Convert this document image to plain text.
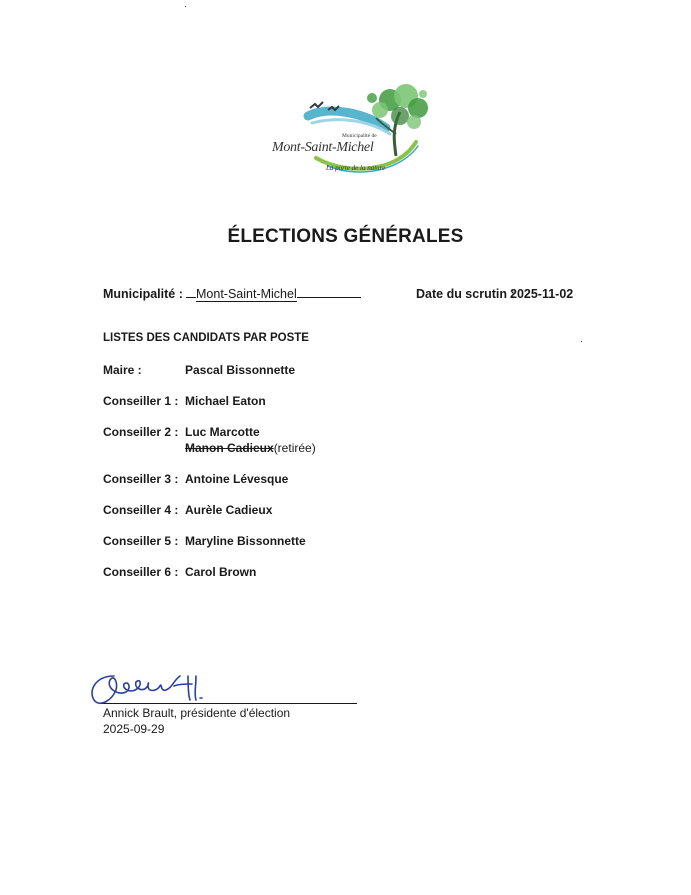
Municipalité de
Mont-Saint-Michel
La porte de la nature
ÉLECTIONS GÉNÉRALES
Municipalité :	Mont-Saint-Michel	Date du scrutin :
2025-11-02
LISTES DES CANDIDATS PAR POSTE
Maire :	Pascal Bissonnette
Conseiller 1 : Michael Eaton
Conseiller 2 : Luc Marcotte
Manon Cadieux(retirée)
Conseiller 3 : Antoine Lévesque
Conseiller 4 : Aurèle Cadieux
Conseiller 5 : Maryline Bissonnette
Conseiller 6 : Carol Brown
Annick Brault, présidente d'élection
2025-09-29
